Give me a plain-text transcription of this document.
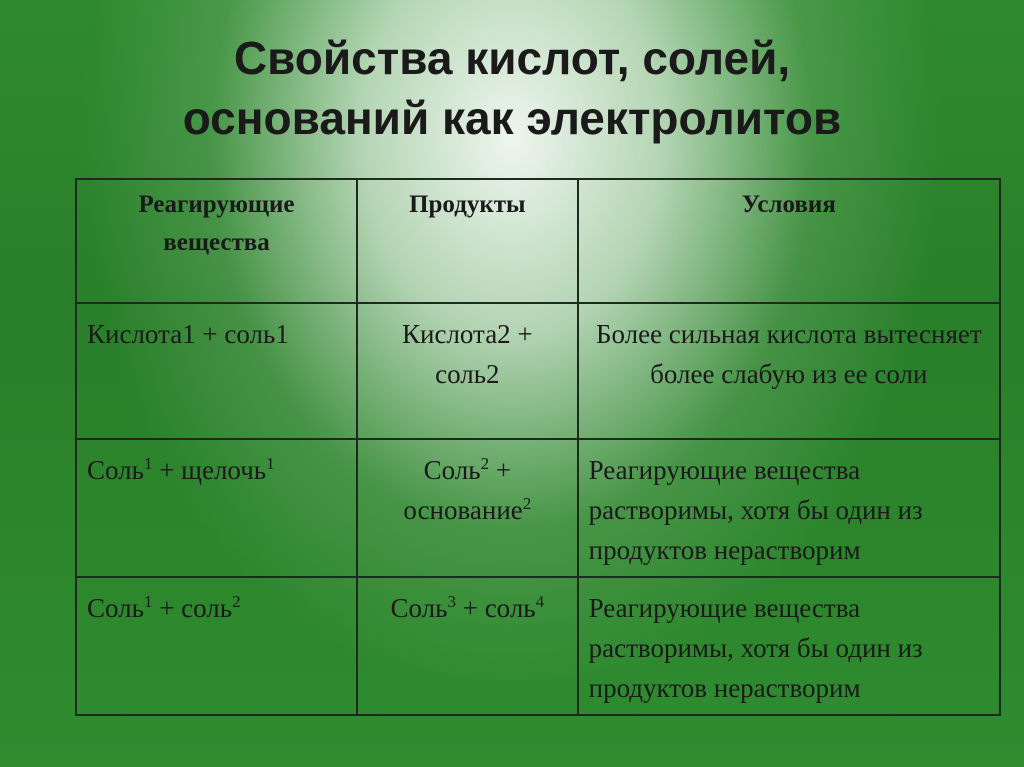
Свойства кислот, солей,
оснований как электролитов
Реагирующие вещества	Продукты	Условия
Кислота1 + соль1	Кислота2 + соль2	Более сильная кислота вытесняет более слабую из ее соли
Соль$^1$ + щелочь$^1$	Соль$^2$ + основание$^2$	Реагирующие вещества растворимы, хотя бы один из продуктов нерастворим
Соль$^1$ + соль$^2$	Соль$^3$ + соль$^4$	Реагирующие вещества растворимы, хотя бы один из продуктов нерастворим
